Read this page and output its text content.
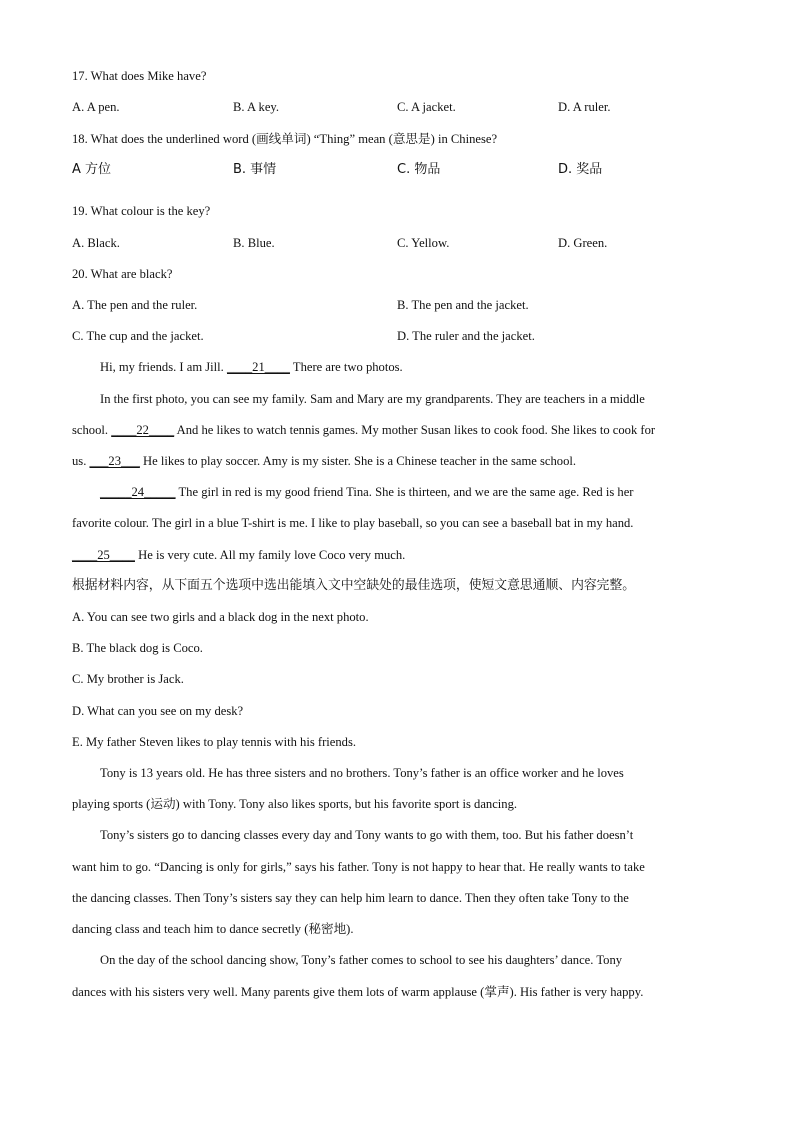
17. What does Mike have?
A. A pen.	B. A key.	C. A jacket.	D. A ruler.
18. What does the underlined word (画线单词) “Thing” mean (意思是) in Chinese?
A 方位	B. 事情	C. 物品	D. 奖品
19. What colour is the key?
A. Black.	B. Blue.	C. Yellow.	D. Green.
20. What are black?
A. The pen and the ruler.	B. The pen and the jacket.
C. The cup and the jacket.	D. The ruler and the jacket.
Hi, my friends. I am Jill. ____21____ There are two photos.
In the first photo, you can see my family. Sam and Mary are my grandparents. They are teachers in a middle
school. ____22____ And he likes to watch tennis games. My mother Susan likes to cook food. She likes to cook for
us. ___23___ He likes to play soccer. Amy is my sister. She is a Chinese teacher in the same school.
_____24_____ The girl in red is my good friend Tina. She is thirteen, and we are the same age. Red is her
favorite colour. The girl in a blue T-shirt is me. I like to play baseball, so you can see a baseball bat in my hand.
____25____ He is very cute. All my family love Coco very much.
根据材料内容，从下面五个选项中选出能填入文中空缺处的最佳选项，使短文意思通顺、内容完整。
A. You can see two girls and a black dog in the next photo.
B. The black dog is Coco.
C. My brother is Jack.
D. What can you see on my desk?
E. My father Steven likes to play tennis with his friends.
Tony is 13 years old. He has three sisters and no brothers. Tony’s father is an office worker and he loves
playing sports (运动) with Tony. Tony also likes sports, but his favorite sport is dancing.
Tony’s sisters go to dancing classes every day and Tony wants to go with them, too. But his father doesn’t
want him to go. “Dancing is only for girls,” says his father. Tony is not happy to hear that. He really wants to take
the dancing classes. Then Tony’s sisters say they can help him learn to dance. Then they often take Tony to the
dancing class and teach him to dance secretly (秘密地).
On the day of the school dancing show, Tony’s father comes to school to see his daughters’ dance. Tony
dances with his sisters very well. Many parents give them lots of warm applause (掌声). His father is very happy.
